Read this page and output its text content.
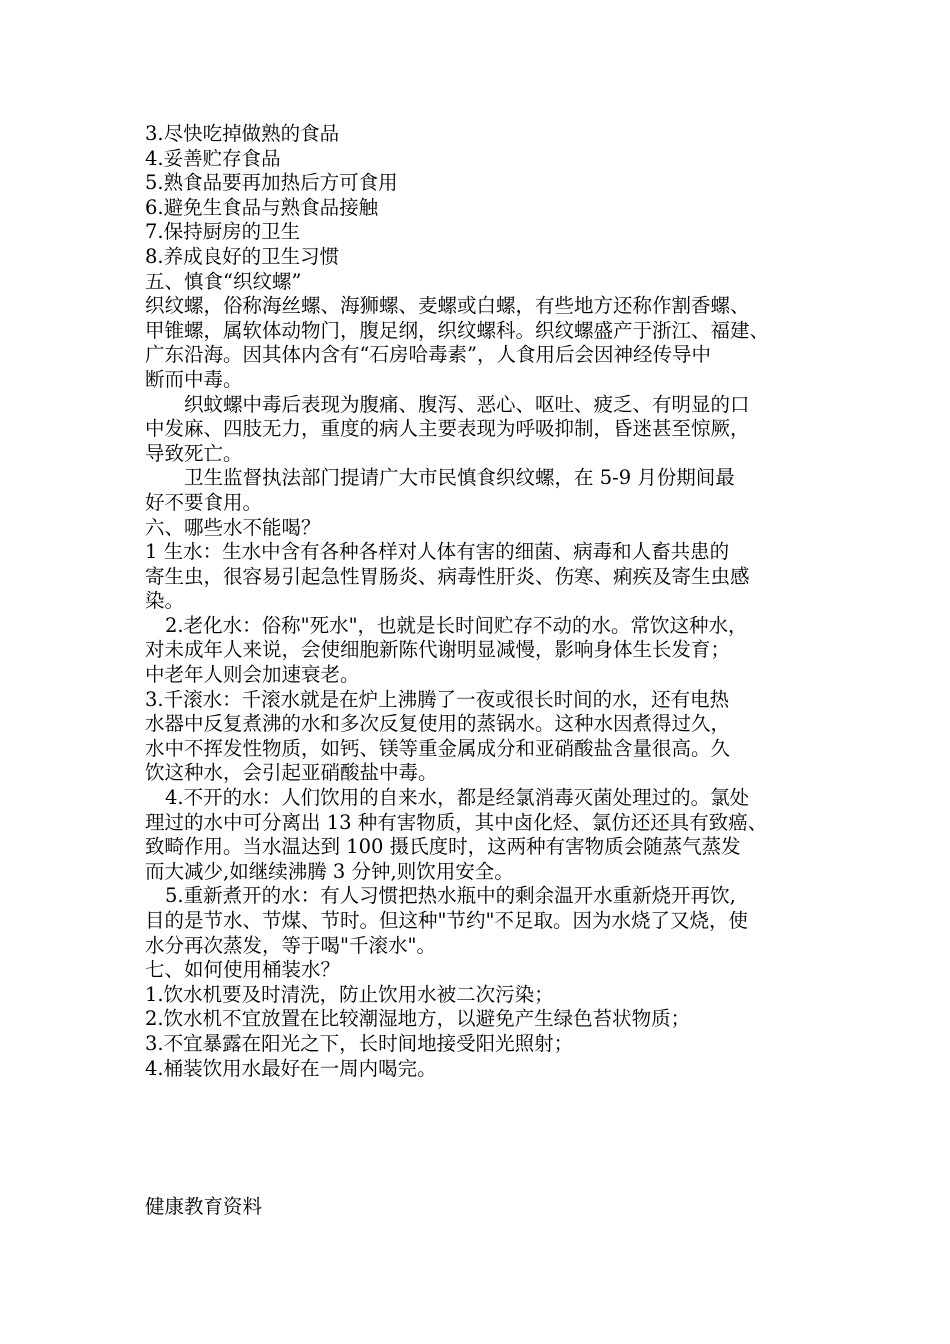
3.尽快吃掉做熟的食品
4.妥善贮存食品
5.熟食品要再加热后方可食用
6.避免生食品与熟食品接触
7.保持厨房的卫生
8.养成良好的卫生习惯
五、慎食“织纹螺”
织纹螺，俗称海丝螺、海狮螺、麦螺或白螺，有些地方还称作割香螺、
甲锥螺，属软体动物门，腹足纲，织纹螺科。织纹螺盛产于浙江、福建、
广东沿海。因其体内含有“石房哈毒素”，人食用后会因神经传导中
断而中毒。
织蚊螺中毒后表现为腹痛、腹泻、恶心、呕吐、疲乏、有明显的口
中发麻、四肢无力，重度的病人主要表现为呼吸抑制，昏迷甚至惊厥，
导致死亡。
卫生监督执法部门提请广大市民慎食织纹螺，在 5-9 月份期间最
好不要食用。
六、哪些水不能喝？
1 生水：生水中含有各种各样对人体有害的细菌、病毒和人畜共患的
寄生虫，很容易引起急性胃肠炎、病毒性肝炎、伤寒、痢疾及寄生虫感
染。
2.老化水：俗称"死水"，也就是长时间贮存不动的水。常饮这种水，
对未成年人来说，会使细胞新陈代谢明显减慢，影响身体生长发育；
中老年人则会加速衰老。
3.千滚水：千滚水就是在炉上沸腾了一夜或很长时间的水，还有电热
水器中反复煮沸的水和多次反复使用的蒸锅水。这种水因煮得过久，
水中不挥发性物质，如钙、镁等重金属成分和亚硝酸盐含量很高。久
饮这种水，会引起亚硝酸盐中毒。
4.不开的水：人们饮用的自来水，都是经氯消毒灭菌处理过的。氯处
理过的水中可分离出 13 种有害物质，其中卤化烃、氯仿还还具有致癌、
致畸作用。当水温达到 100 摄氏度时，这两种有害物质会随蒸气蒸发
而大减少,如继续沸腾 3 分钟,则饮用安全。
5.重新煮开的水：有人习惯把热水瓶中的剩余温开水重新烧开再饮,
目的是节水、节煤、节时。但这种"节约"不足取。因为水烧了又烧，使
水分再次蒸发，等于喝"千滚水"。
七、如何使用桶装水？
1.饮水机要及时清洗，防止饮用水被二次污染；
2.饮水机不宜放置在比较潮湿地方，以避免产生绿色苔状物质；
3.不宜暴露在阳光之下，长时间地接受阳光照射；
4.桶装饮用水最好在一周内喝完。
健康教育资料
